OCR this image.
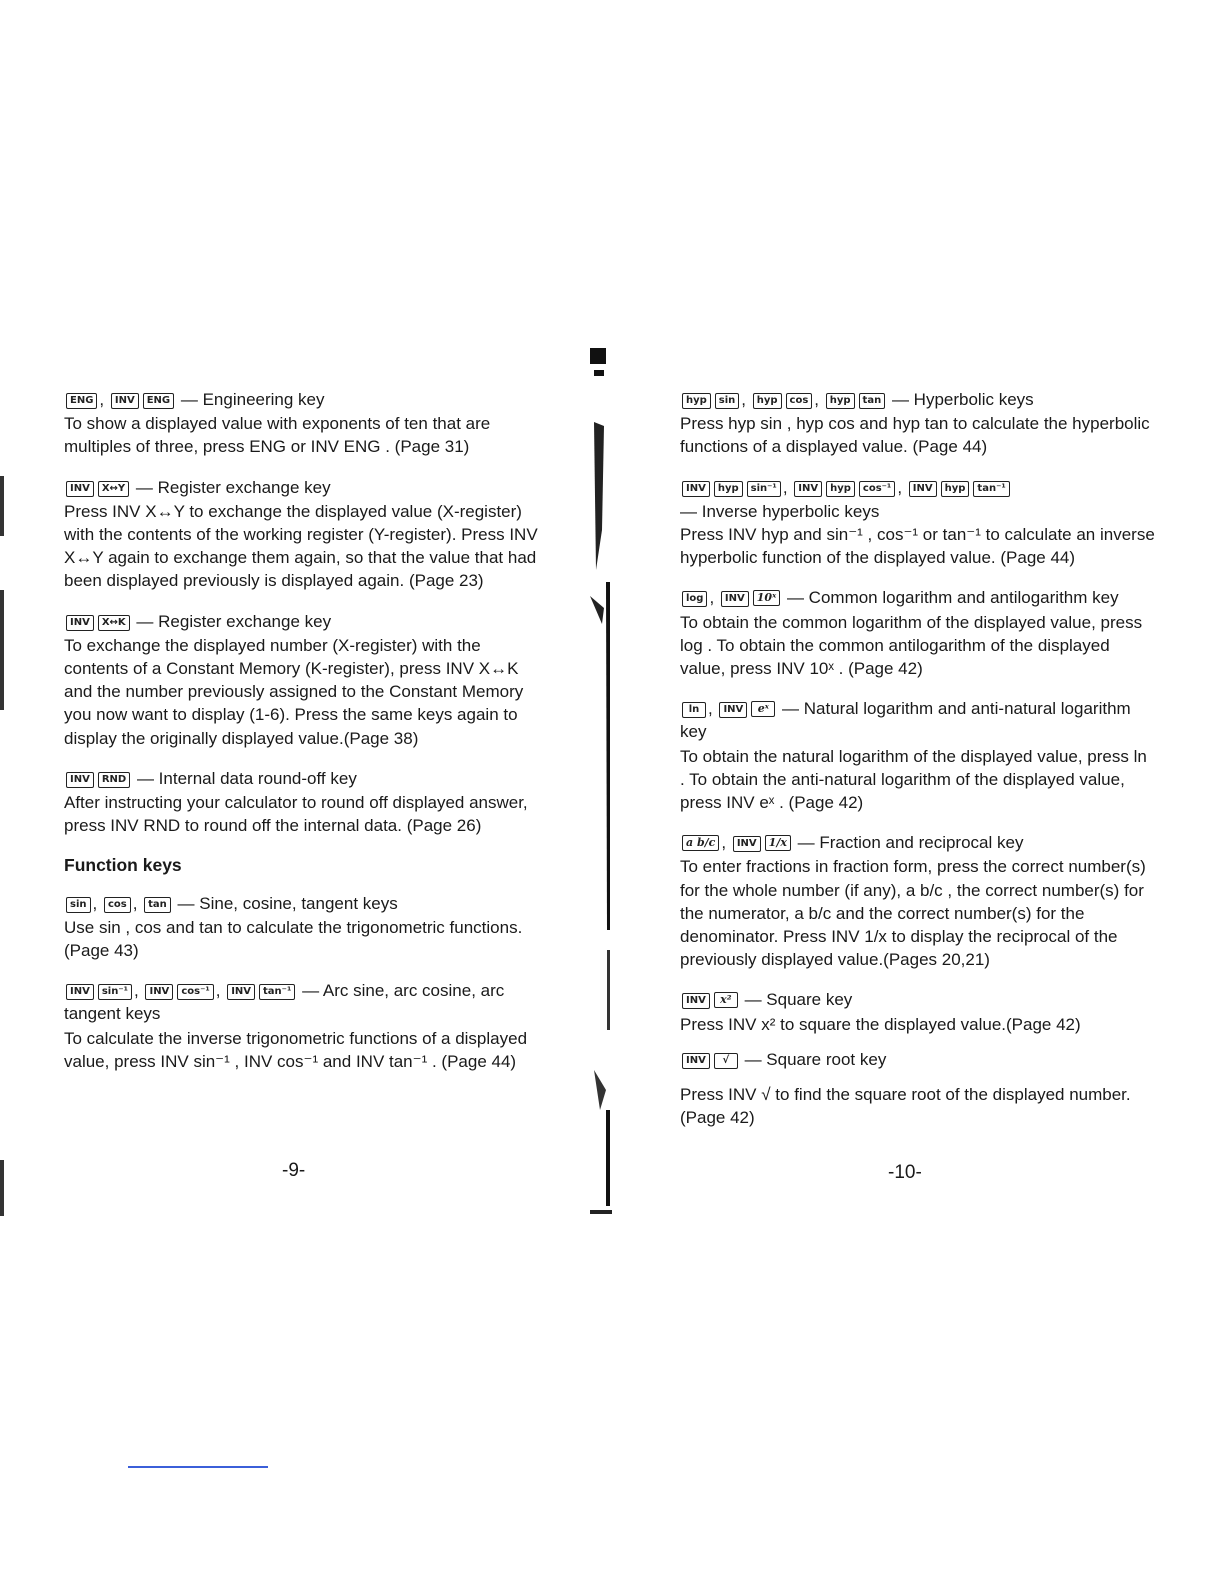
ENG , INV ENG — Engineering key

To show a displayed value with exponents of ten that are multiples of three, press ENG or INV ENG . (Page 31)

INV X↔Y — Register exchange key

Press INV X↔Y to exchange the displayed value (X-register) with the contents of the working register (Y-register). Press INV X↔Y again to exchange them again, so that the value that had been displayed previously is displayed again. (Page 23)

INV X↔K — Register exchange key

To exchange the displayed number (X-register) with the contents of a Constant Memory (K-register), press INV X↔K and the number previously assigned to the Constant Memory you now want to display (1-6). Press the same keys again to display the originally displayed value.(Page 38)

INV RND — Internal data round-off key

After instructing your calculator to round off displayed answer, press INV RND to round off the internal data. (Page 26)

Function keys

sin , cos , tan — Sine, cosine, tangent keys

Use sin , cos and tan to calculate the trigonometric functions. (Page 43)

INV sin⁻¹ , INV cos⁻¹ , INV tan⁻¹ — Arc sine, arc cosine, arc tangent keys

To calculate the inverse trigonometric functions of a displayed value, press INV sin⁻¹ , INV cos⁻¹ and INV tan⁻¹ . (Page 44)

-9-

hyp sin , hyp cos , hyp tan — Hyperbolic keys

Press hyp sin , hyp cos and hyp tan to calculate the hyperbolic functions of a displayed value. (Page 44)

INV hyp sin⁻¹ , INV hyp cos⁻¹ , INV hyp tan⁻¹

— Inverse hyperbolic keys

Press INV hyp and sin⁻¹ , cos⁻¹ or tan⁻¹ to calculate an inverse hyperbolic function of the displayed value. (Page 44)

log , INV 10ˣ — Common logarithm and antilogarithm key

To obtain the common logarithm of the displayed value, press log . To obtain the common antilogarithm of the displayed value, press INV 10ˣ . (Page 42)

ln , INV eˣ — Natural logarithm and anti-natural logarithm key

To obtain the natural logarithm of the displayed value, press ln . To obtain the anti-natural logarithm of the displayed value, press INV eˣ . (Page 42)

a b/c , INV 1/x — Fraction and reciprocal key

To enter fractions in fraction form, press the correct number(s) for the whole number (if any), a b/c , the correct number(s) for the numerator, a b/c and the correct number(s) for the denominator. Press INV 1/x to display the reciprocal of the previously displayed value.(Pages 20,21)

INV x² — Square key

Press INV x² to square the displayed value.(Page 42)

INV √ — Square root key

Press INV √ to find the square root of the displayed number. (Page 42)

-10-
